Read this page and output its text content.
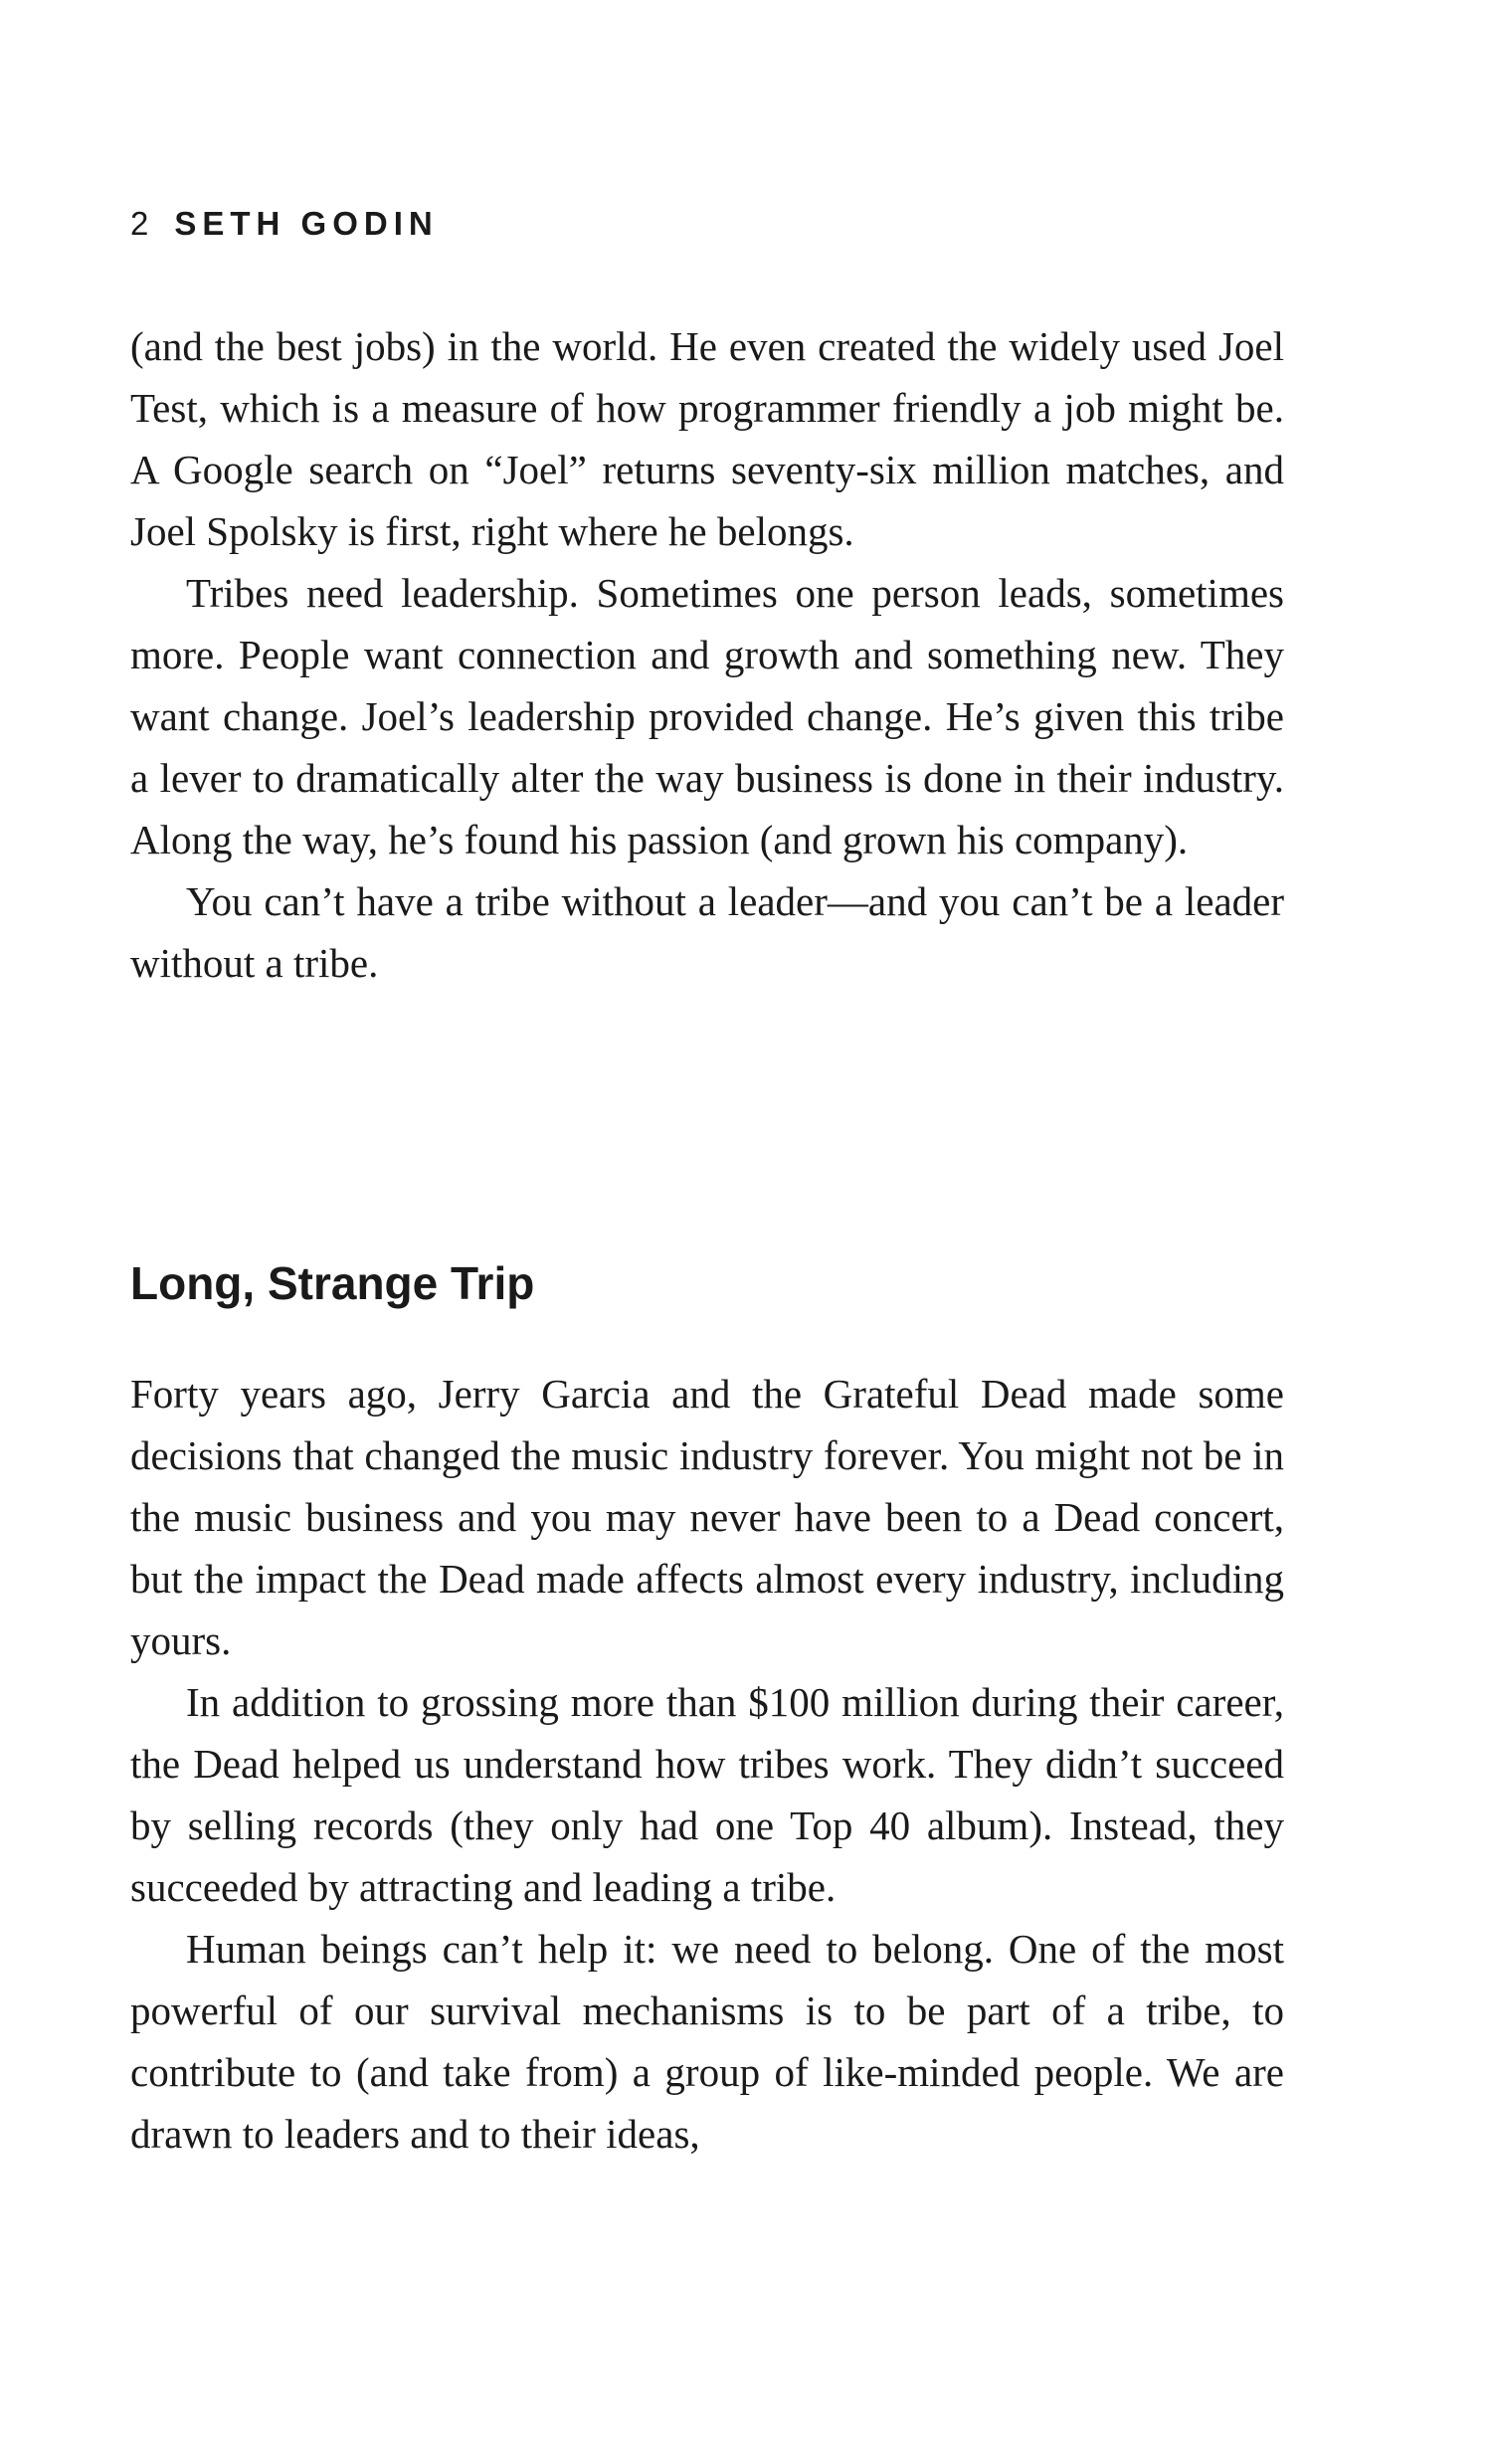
2 SETH GODIN

(and the best jobs) in the world. He even created the widely used Joel Test, which is a measure of how programmer friendly a job might be. A Google search on “Joel” returns seventy-six million matches, and Joel Spolsky is first, right where he belongs.

Tribes need leadership. Sometimes one person leads, sometimes more. People want connection and growth and something new. They want change. Joel’s leadership provided change. He’s given this tribe a lever to dramatically alter the way business is done in their industry. Along the way, he’s found his passion (and grown his company).

You can’t have a tribe without a leader—and you can’t be a leader without a tribe.

Long, Strange Trip

Forty years ago, Jerry Garcia and the Grateful Dead made some decisions that changed the music industry forever. You might not be in the music business and you may never have been to a Dead concert, but the impact the Dead made affects almost every industry, including yours.

In addition to grossing more than $100 million during their career, the Dead helped us understand how tribes work. They didn’t succeed by selling records (they only had one Top 40 album). Instead, they succeeded by attracting and leading a tribe.

Human beings can’t help it: we need to belong. One of the most powerful of our survival mechanisms is to be part of a tribe, to contribute to (and take from) a group of like-minded people. We are drawn to leaders and to their ideas,
